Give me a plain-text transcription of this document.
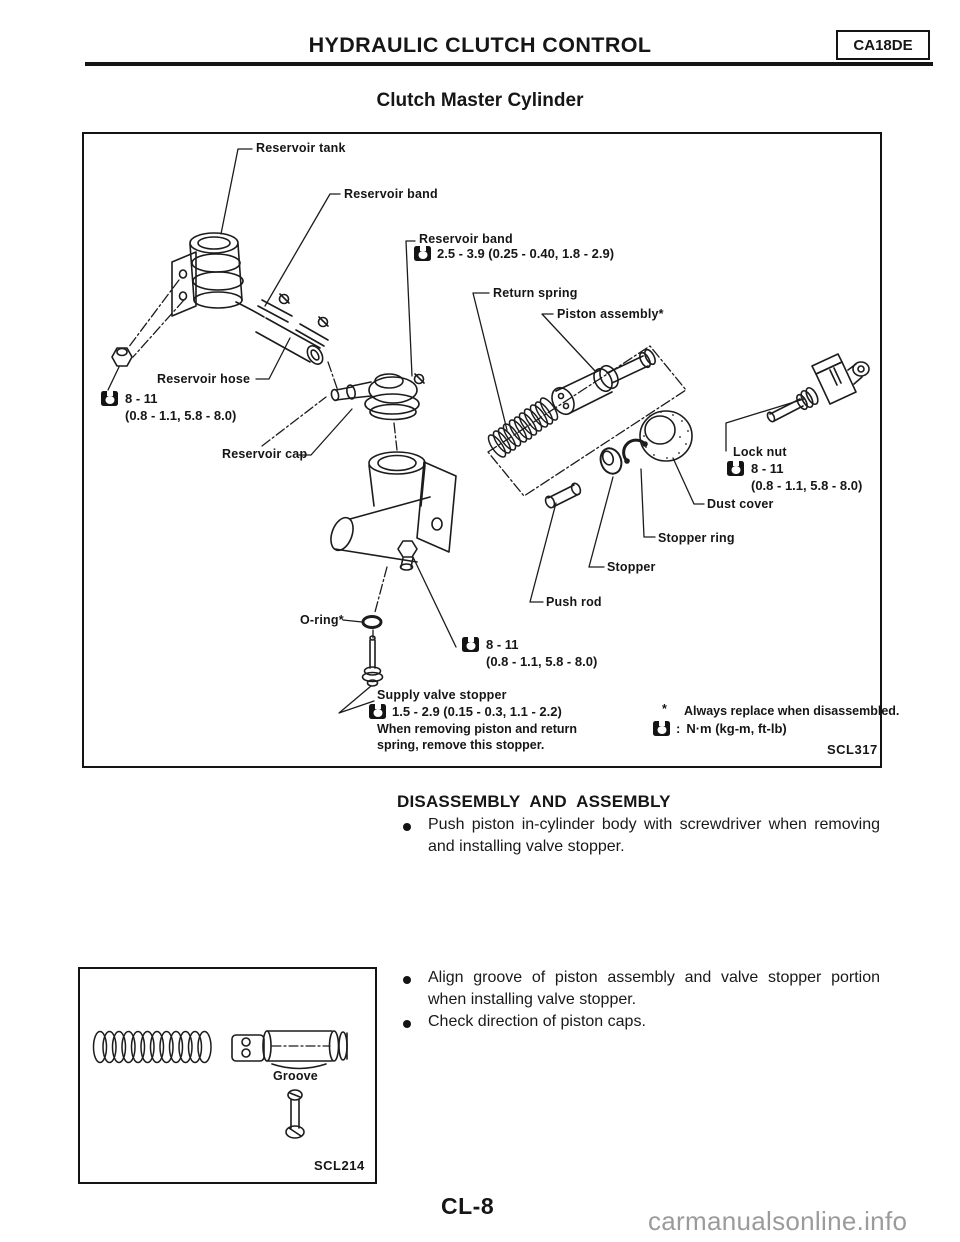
HYDRAULIC CLUTCH CONTROL	CA18DE
Clutch Master Cylinder
Reservoir tank
Reservoir band
Reservoir band
2.5 - 3.9 (0.25 - 0.40, 1.8 - 2.9)
Return spring
Piston assembly*
Reservoir hose
8 - 11
(0.8 - 1.1, 5.8 - 8.0)
Reservoir cap	Lock nut
8 - 11
(0.8 - 1.1, 5.8 - 8.0)
Dust cover
Stopper ring
Stopper
Push rod
O-ring*
8 - 11
(0.8 - 1.1, 5.8 - 8.0)
Supply valve stopper
1.5 - 2.9 (0.15 - 0.3, 1.1 - 2.2)
When removing piston and return spring, remove this stopper.
* Always replace when disassembled.
: N·m (kg-m, ft-lb)
SCL317
DISASSEMBLY AND ASSEMBLY
Push piston in-cylinder body with screwdriver when removing and installing valve stopper.
Groove
SCL214
Align groove of piston assembly and valve stopper portion when installing valve stopper.
Check direction of piston caps.
CL-8	carmanualsonline.info
